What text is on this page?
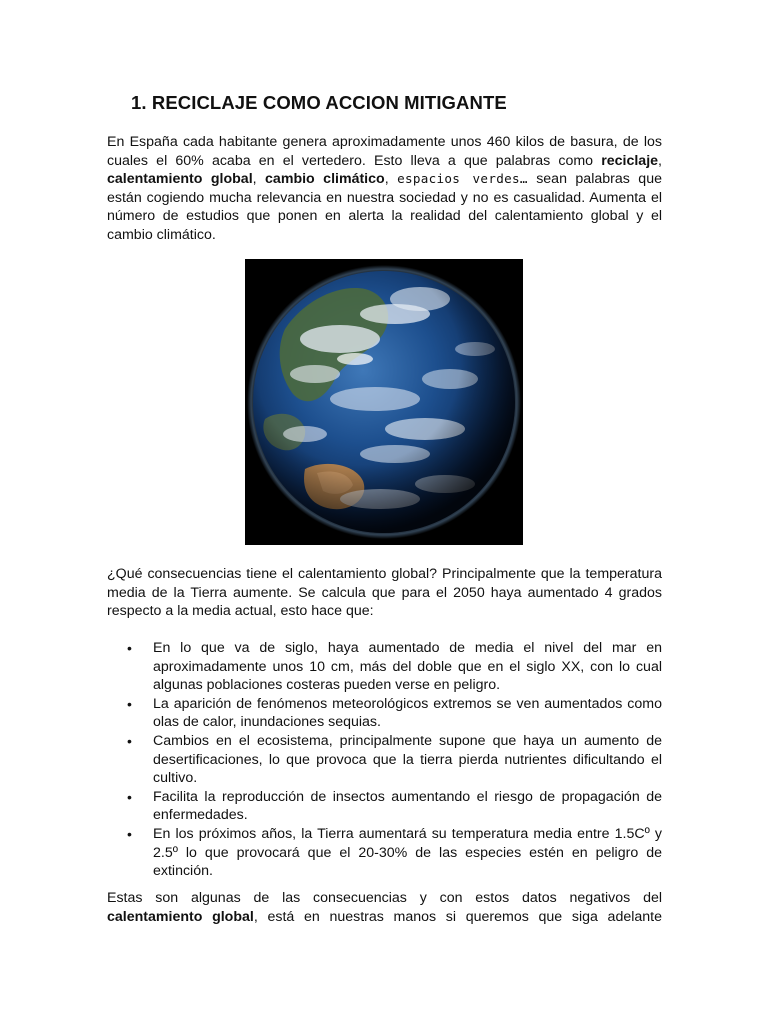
1. RECICLAJE COMO ACCION MITIGANTE

En España cada habitante genera aproximadamente unos 460 kilos de basura, de los cuales el 60% acaba en el vertedero. Esto lleva a que palabras como reciclaje, calentamiento global, cambio climático, espacios verdes… sean palabras que están cogiendo mucha relevancia en nuestra sociedad y no es casualidad. Aumenta el número de estudios que ponen en alerta la realidad del calentamiento global y el cambio climático.

¿Qué consecuencias tiene el calentamiento global? Principalmente que la temperatura media de la Tierra aumente. Se calcula que para el 2050 haya aumentado 4 grados respecto a la media actual, esto hace que:

• En lo que va de siglo, haya aumentado de media el nivel del mar en aproximadamente unos 10 cm, más del doble que en el siglo XX, con lo cual algunas poblaciones costeras pueden verse en peligro.
• La aparición de fenómenos meteorológicos extremos se ven aumentados como olas de calor, inundaciones sequias.
• Cambios en el ecosistema, principalmente supone que haya un aumento de desertificaciones, lo que provoca que la tierra pierda nutrientes dificultando el cultivo.
• Facilita la reproducción de insectos aumentando el riesgo de propagación de enfermedades.
• En los próximos años, la Tierra aumentará su temperatura media entre 1.5Cº y 2.5º lo que provocará que el 20-30% de las especies estén en peligro de extinción.

Estas son algunas de las consecuencias y con estos datos negativos del calentamiento global, está en nuestras manos si queremos que siga adelante
